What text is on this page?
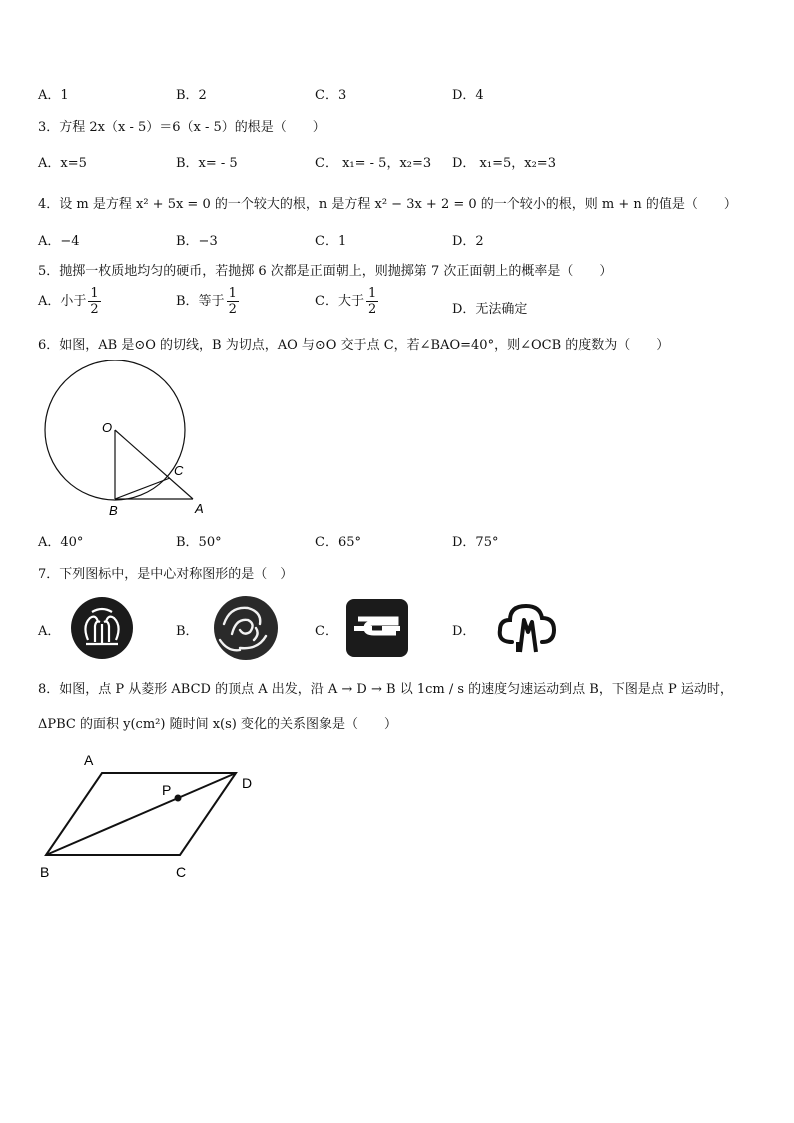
A．1	B．2	C．3	D．4
3．方程 2x（x - 5）＝6（x - 5）的根是（　　）
A．x=5	B．x= - 5	C． x₁= - 5，x₂=3 D． x₁=5，x₂=3
4．设 m 是方程 x² + 5x = 0 的一个较大的根，n 是方程 x² − 3x + 2 = 0 的一个较小的根，则 m + n 的值是（　　）
A．−4	B．−3	C．1	D．2
5．抛掷一枚质地均匀的硬币，若抛掷 6 次都是正面朝上，则抛掷第 7 次正面朝上的概率是（　　）
A．小于 $\frac{1}{2}$	B．等于 $\frac{1}{2}$	C．大于 $\frac{1}{2}$	D．无法确定
6．如图，AB 是⊙O 的切线，B 为切点，AO 与⊙O 交于点 C，若∠BAO=40°，则∠OCB 的度数为（　　）
O
B
C
A
A．40°	B．50°	C．65°	D．75°
7．下列图标中，是中心对称图形的是（　）
A．	B．	C．	D．
8．如图，点 P 从菱形 ABCD 的顶点 A 出发，沿 A → D → B 以 1cm / s 的速度匀速运动到点 B，下图是点 P 运动时，
ΔPBC 的面积 y(cm²) 随时间 x(s) 变化的关系图象是（　　）
A
D
P
B	C
